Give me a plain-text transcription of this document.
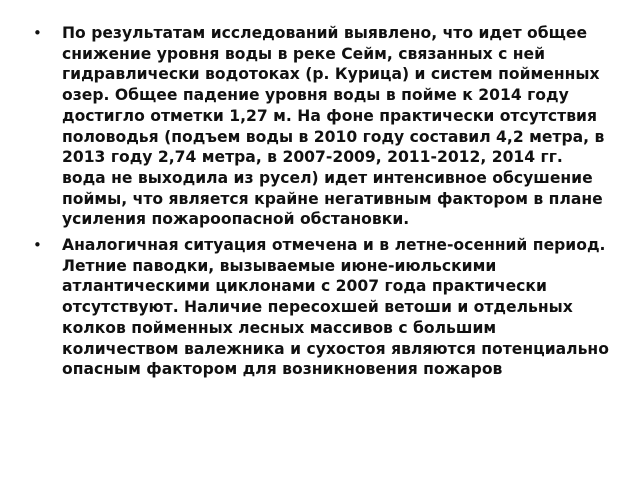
• По результатам исследований выявлено, что идет общее снижение уровня воды в реке Сейм, связанных с ней гидравлически водотоках (р. Курица) и систем пойменных озер. Общее падение уровня воды в пойме к 2014 году достигло отметки 1,27 м. На фоне практически отсутствия половодья (подъем воды в 2010 году составил 4,2 метра, в 2013 году 2,74 метра, в 2007-2009, 2011-2012, 2014 гг. вода не выходила из русел) идет интенсивное обсушение поймы, что является крайне негативным фактором в плане усиления пожароопасной обстановки.
• Аналогичная ситуация отмечена и в летне-осенний период. Летние паводки, вызываемые июне-июльскими атлантическими циклонами с 2007 года практически отсутствуют. Наличие пересохшей ветоши и отдельных колков пойменных лесных массивов с большим количеством валежника и сухостоя являются потенциально опасным фактором для возникновения пожаров
